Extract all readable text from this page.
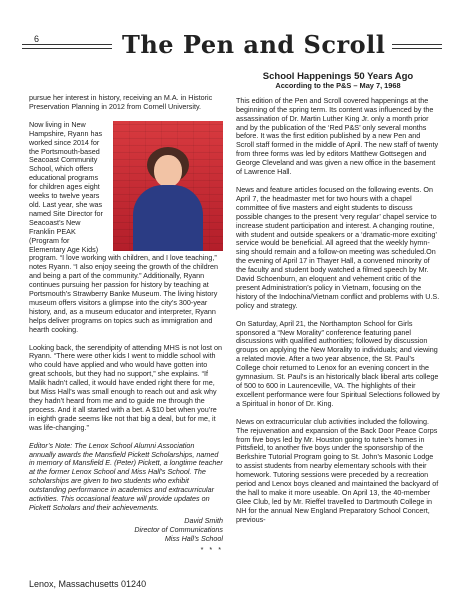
6	The Pen and Scroll

pursue her interest in history, receiving an M.A. in Historic Preservation Planning in 2012 from Cornell University.

Now living in New Hampshire, Ryann has worked since 2014 for the Portsmouth-based Seacoast Community School, which offers educational programs for children ages eight weeks to twelve years old. Last year, she was named Site Director for Seacoast’s New Franklin PEAK (Program for Elementary Age Kids) program. “I love working with children, and I love teaching,” notes Ryann. “I also enjoy seeing the growth of the children and being a part of the community.” Additionally, Ryann continues pursuing her passion for history by teaching at Portsmouth’s Strawberry Banke Museum. The living history museum offers visitors a glimpse into the city’s 300-year history, and, as a museum educator and interpreter, Ryann helps deliver programs on topics such as immigration and hearth cooking.

Looking back, the serendipity of attending MHS is not lost on Ryann. “There were other kids I went to middle school with who could have applied and who would have gotten into great schools, but they had no support,” she explains. “If Malik hadn’t called, it would have ended right there for me, but Miss Hall’s was small enough to reach out and ask why they hadn’t heard from me and to guide me through the process. And it all started with a bet. A $10 bet when you’re in eighth grade seems like not that big a deal, but for me, it was life-changing.”

Editor’s Note: The Lenox School Alumni Association annually awards the Mansfield Pickett Scholarships, named in memory of Mansfield E. (Peter) Pickett, a longtime teacher at the former Lenox School and Miss Hall’s School. The scholarships are given to two students who exhibit outstanding performance in academics and extracurricular activities. This occasional feature will provide updates on Pickett Scholars and their achievements.

David Smith
Director of Communications
Miss Hall’s School
* * *
School Happenings 50 Years Ago
According to the P&S – May 7, 1968

This edition of the Pen and Scroll covered happenings at the beginning of the spring term. Its content was influenced by the assassination of Dr. Martin Luther King Jr. only a month prior and by the publication of the ‘Red P&S’ only several months before. It was the first edition published by a new Pen and Scroll staff formed in the middle of April. The new staff of twenty from three forms was led by editors Matthew Gottsegen and George Cleveland and was given a new office in the basement of Lawrence Hall.

News and feature articles focused on the following events. On April 7, the headmaster met for two hours with a chapel committee of five masters and eight students to discuss possible changes to the present ‘very regular’ chapel service to increase student participation and interest. A changing routine, with student and outside speakers or a ‘dramatic-more exciting’ service would be beneficial. All agreed that the weekly hymn-sing should remain and a follow-on meeting was scheduled.On the evening of April 17 in Thayer Hall, a convened minority of the faculty and student body watched a filmed speech by Mr. David Schoenburn, an eloquent and vehement critic of the present Administration’s policy in Vietnam, focusing on the history of the Indochina/Vietnam conflict and problems with U.S. policy and strategy.

On Saturday, April 21, the Northampton School for Girls sponsored a “New Morality” conference featuring panel discussions with qualified authorities; followed by discussion groups on applying the New Morality to individuals; and viewing a related movie. After a two year absence, the St. Paul’s College choir returned to Lenox for an evening concert in the gymnasium. St. Paul’s is an historically black liberal arts college of 500 to 600 in Laurenceville, VA. The highlights of their excellent performance were four Spiritual Selections followed by a Spiritual in honor of Dr. King.

News on extracurricular club activities included the following. The rejuvenation and expansion of the Back Door Peace Corps from five boys led by Mr. Houston going to tutee’s homes in Pittsfield, to another five boys under the sponsorship of the Berkshire Tutorial Program going to St. John’s Masonic Lodge to assist students from nearby elementary schools with their homework. Tutoring sessions were preceded by a recreation period and Lenox boys cleaned and maintained the backyard of the hall to make it more useable. On April 13, the 40-member Glee Club, led by Mr. Rieffel travelled to Dartmouth College in NH for the annual New England Preparatory School Concert, previous-

Lenox, Massachusetts 01240
